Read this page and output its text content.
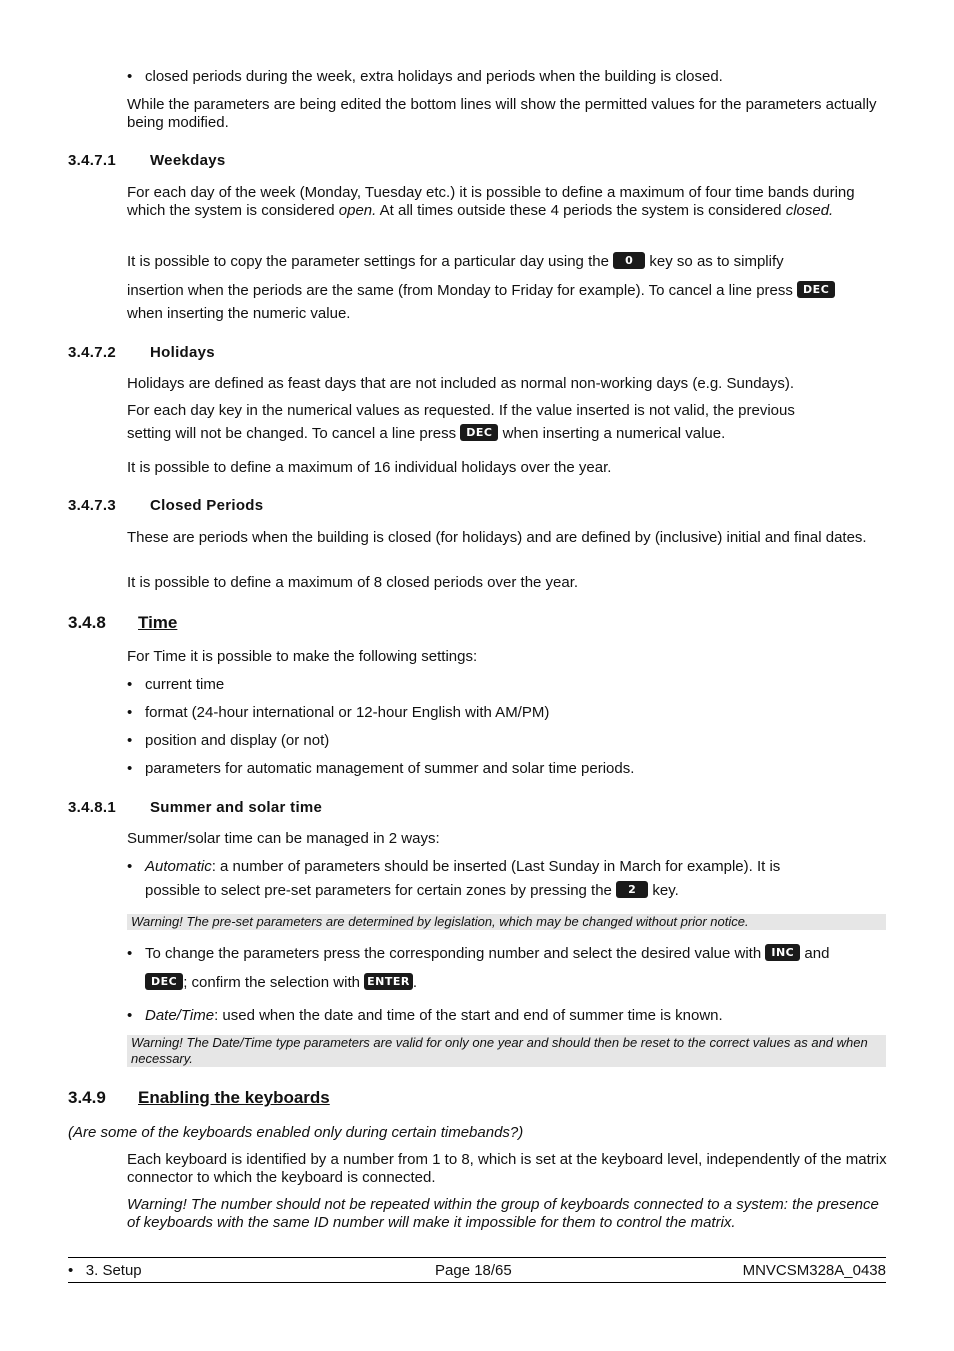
• closed periods during the week, extra holidays and periods when the building is closed.
While the parameters are being edited the bottom lines will show the permitted values for the parameters actually being modified.
3.4.7.1 Weekdays
For each day of the week (Monday, Tuesday etc.) it is possible to define a maximum of four time bands during which the system is considered open. At all times outside these 4 periods the system is considered closed.
It is possible to copy the parameter settings for a particular day using the 0 key so as to simplify
insertion when the periods are the same (from Monday to Friday for example). To cancel a line press DEC
when inserting the numeric value.
3.4.7.2 Holidays
Holidays are defined as feast days that are not included as normal non-working days (e.g. Sundays).
For each day key in the numerical values as requested. If the value inserted is not valid, the previous
setting will not be changed. To cancel a line press DEC when inserting a numerical value.
It is possible to define a maximum of 16 individual holidays over the year.
3.4.7.3 Closed Periods
These are periods when the building is closed (for holidays) and are defined by (inclusive) initial and final dates.
It is possible to define a maximum of 8 closed periods over the year.
3.4.8 Time
For Time it is possible to make the following settings:
• current time
• format (24-hour international or 12-hour English with AM/PM)
• position and display (or not)
• parameters for automatic management of summer and solar time periods.
3.4.8.1 Summer and solar time
Summer/solar time can be managed in 2 ways:
• Automatic: a number of parameters should be inserted (Last Sunday in March for example). It is
possible to select pre-set parameters for certain zones by pressing the 2 key.
Warning! The pre-set parameters are determined by legislation, which may be changed without prior notice.
• To change the parameters press the corresponding number and select the desired value with INC and
DEC ; confirm the selection with ENTER .
• Date/Time: used when the date and time of the start and end of summer time is known.
Warning! The Date/Time type parameters are valid for only one year and should then be reset to the correct values as and when necessary.
3.4.9 Enabling the keyboards
(Are some of the keyboards enabled only during certain timebands?)
Each keyboard is identified by a number from 1 to 8, which is set at the keyboard level, independently of the matrix connector to which the keyboard is connected.
Warning! The number should not be repeated within the group of keyboards connected to a system: the presence of keyboards with the same ID number will make it impossible for them to control the matrix.
•   3. Setup	Page 18/65	MNVCSM328A_0438
